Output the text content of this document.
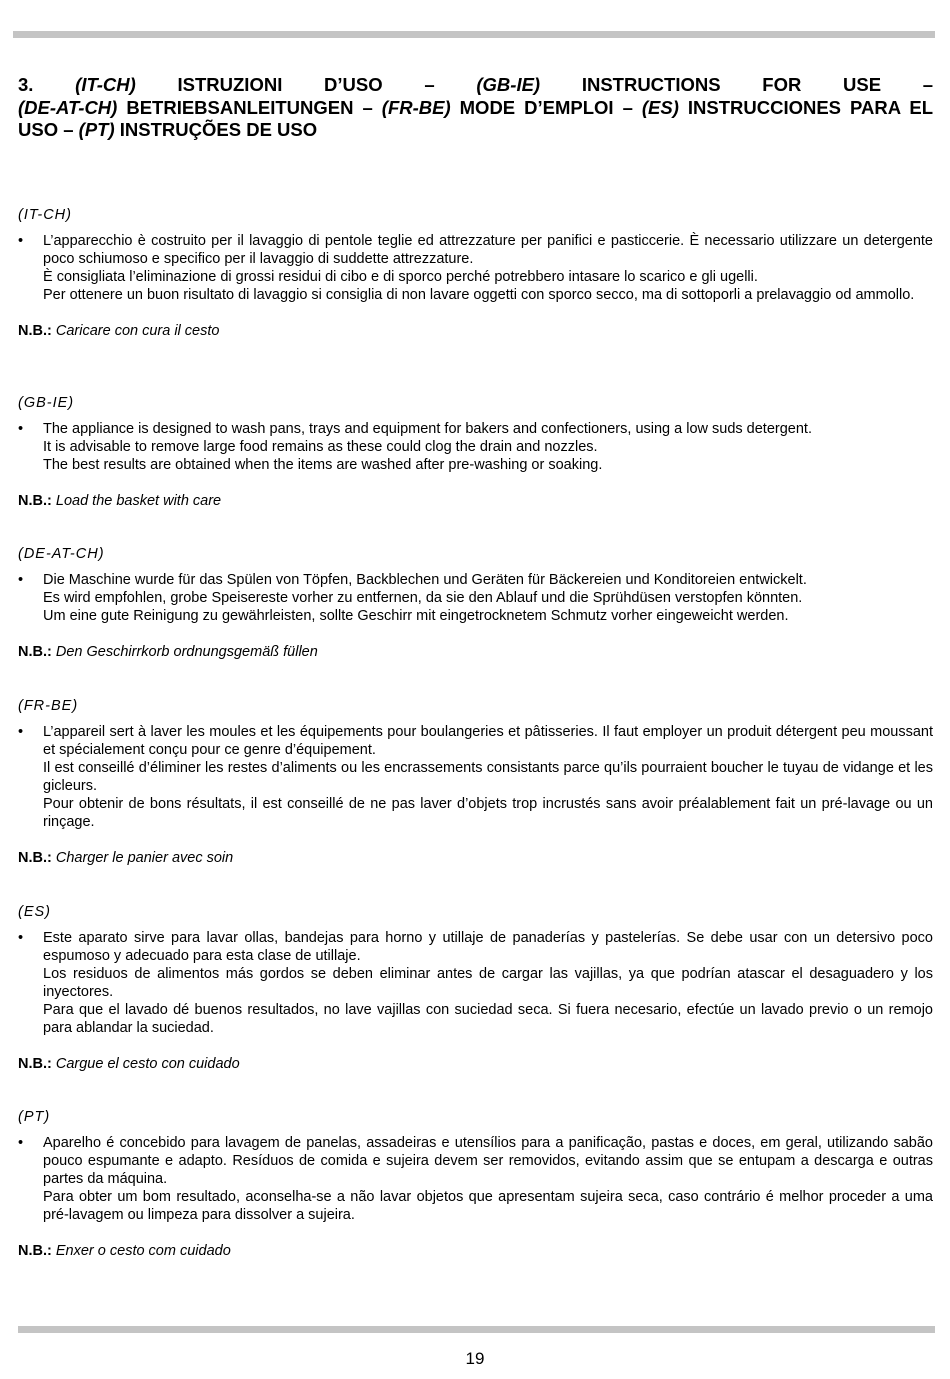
3. (IT-CH) ISTRUZIONI D’USO – (GB-IE) INSTRUCTIONS FOR USE –
(DE-AT-CH) BETRIEBSANLEITUNGEN – (FR-BE) MODE D’EMPLOI – (ES) INSTRUCCIONES PARA EL USO – (PT) INSTRUÇÕES DE USO
(IT-CH)
• L’apparecchio è costruito per il lavaggio di pentole teglie ed attrezzature per panifici e pasticcerie. È necessario utilizzare un detergente poco schiumoso e specifico per il lavaggio di suddette attrezzature.

È consigliata l’eliminazione di grossi residui di cibo e di sporco perché potrebbero intasare lo scarico e gli ugelli.

Per ottenere un buon risultato di lavaggio si consiglia di non lavare oggetti con sporco secco, ma di sottoporli a prelavaggio od ammollo.

N.B.: Caricare con cura il cesto
(GB-IE)
• The appliance is designed to wash pans, trays and equipment for bakers and confectioners, using a low suds detergent.

It is advisable to remove large food remains as these could clog the drain and nozzles.

The best results are obtained when the items are washed after pre-washing or soaking.

N.B.: Load the basket with care
(DE-AT-CH)
• Die Maschine wurde für das Spülen von Töpfen, Backblechen und Geräten für Bäckereien und Konditoreien entwickelt.

Es wird empfohlen, grobe Speisereste vorher zu entfernen, da sie den Ablauf und die Sprühdüsen verstopfen könnten.

Um eine gute Reinigung zu gewährleisten, sollte Geschirr mit eingetrocknetem Schmutz vorher eingeweicht werden.

N.B.: Den Geschirrkorb ordnungsgemäß füllen
(FR-BE)
• L’appareil sert à laver les moules et les équipements pour boulangeries et pâtisseries. Il faut employer un produit détergent peu moussant et spécialement conçu pour ce genre d’équipement.

Il est conseillé d’éliminer les restes d’aliments ou les encrassements consistants parce qu’ils pourraient boucher le tuyau de vidange et les gicleurs.

Pour obtenir de bons résultats, il est conseillé de ne pas laver d’objets trop incrustés sans avoir préalablement fait un pré-lavage ou un rinçage.

N.B.: Charger le panier avec soin
(ES)
• Este aparato sirve para lavar ollas, bandejas para horno y utillaje de panaderías y pastelerías. Se debe usar con un detersivo poco espumoso y adecuado para esta clase de utillaje.

Los residuos de alimentos más gordos se deben eliminar antes de cargar las vajillas, ya que podrían atascar el desaguadero y los inyectores.

Para que el lavado dé buenos resultados, no lave vajillas con suciedad seca. Si fuera necesario, efectúe un lavado previo o un remojo para ablandar la suciedad.

N.B.: Cargue el cesto con cuidado
(PT)
• Aparelho é concebido para lavagem de panelas, assadeiras e utensílios para a panificação, pastas e doces, em geral, utilizando sabão pouco espumante e adapto. Resíduos de comida e sujeira devem ser removidos, evitando assim que se entupam a descarga e outras partes da máquina.

Para obter um bom resultado, aconselha-se a não lavar objetos que apresentam sujeira seca, caso contrário é melhor proceder a uma pré-lavagem ou limpeza para dissolver a sujeira.

N.B.: Enxer o cesto com cuidado
19
